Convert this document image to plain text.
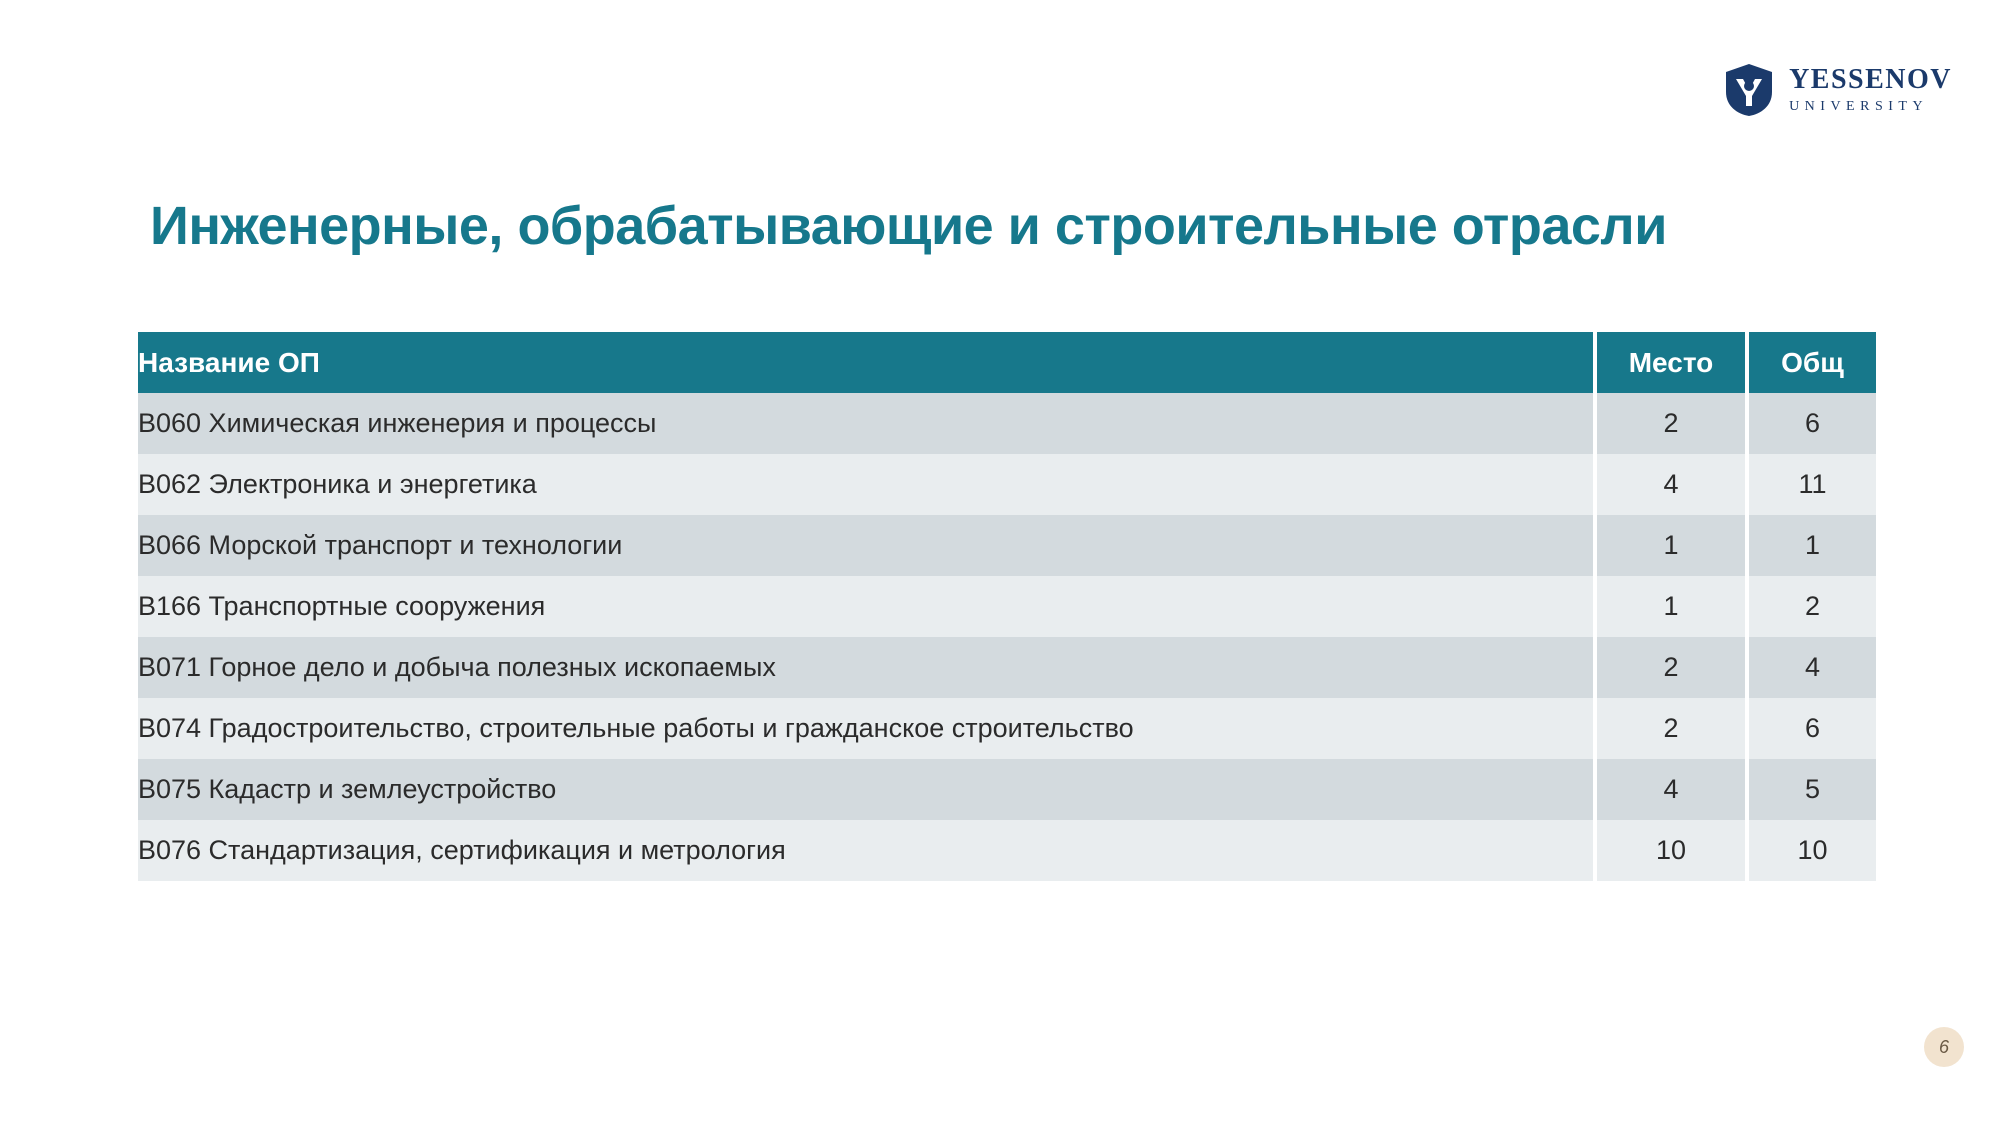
YESSENOV
UNIVERSITY
Инженерные, обрабатывающие и строительные отрасли
Название ОП	Место	Общ
B060 Химическая инженерия и процессы	2	6
B062 Электроника и энергетика	4	11
B066 Морской транспорт и технологии	1	1
B166 Транспортные сооружения	1	2
B071 Горное дело и добыча полезных ископаемых	2	4
B074 Градостроительство, строительные работы и гражданское строительство	2	6
B075 Кадастр и землеустройство	4	5
B076 Стандартизация, сертификация и метрология	10	10
6
